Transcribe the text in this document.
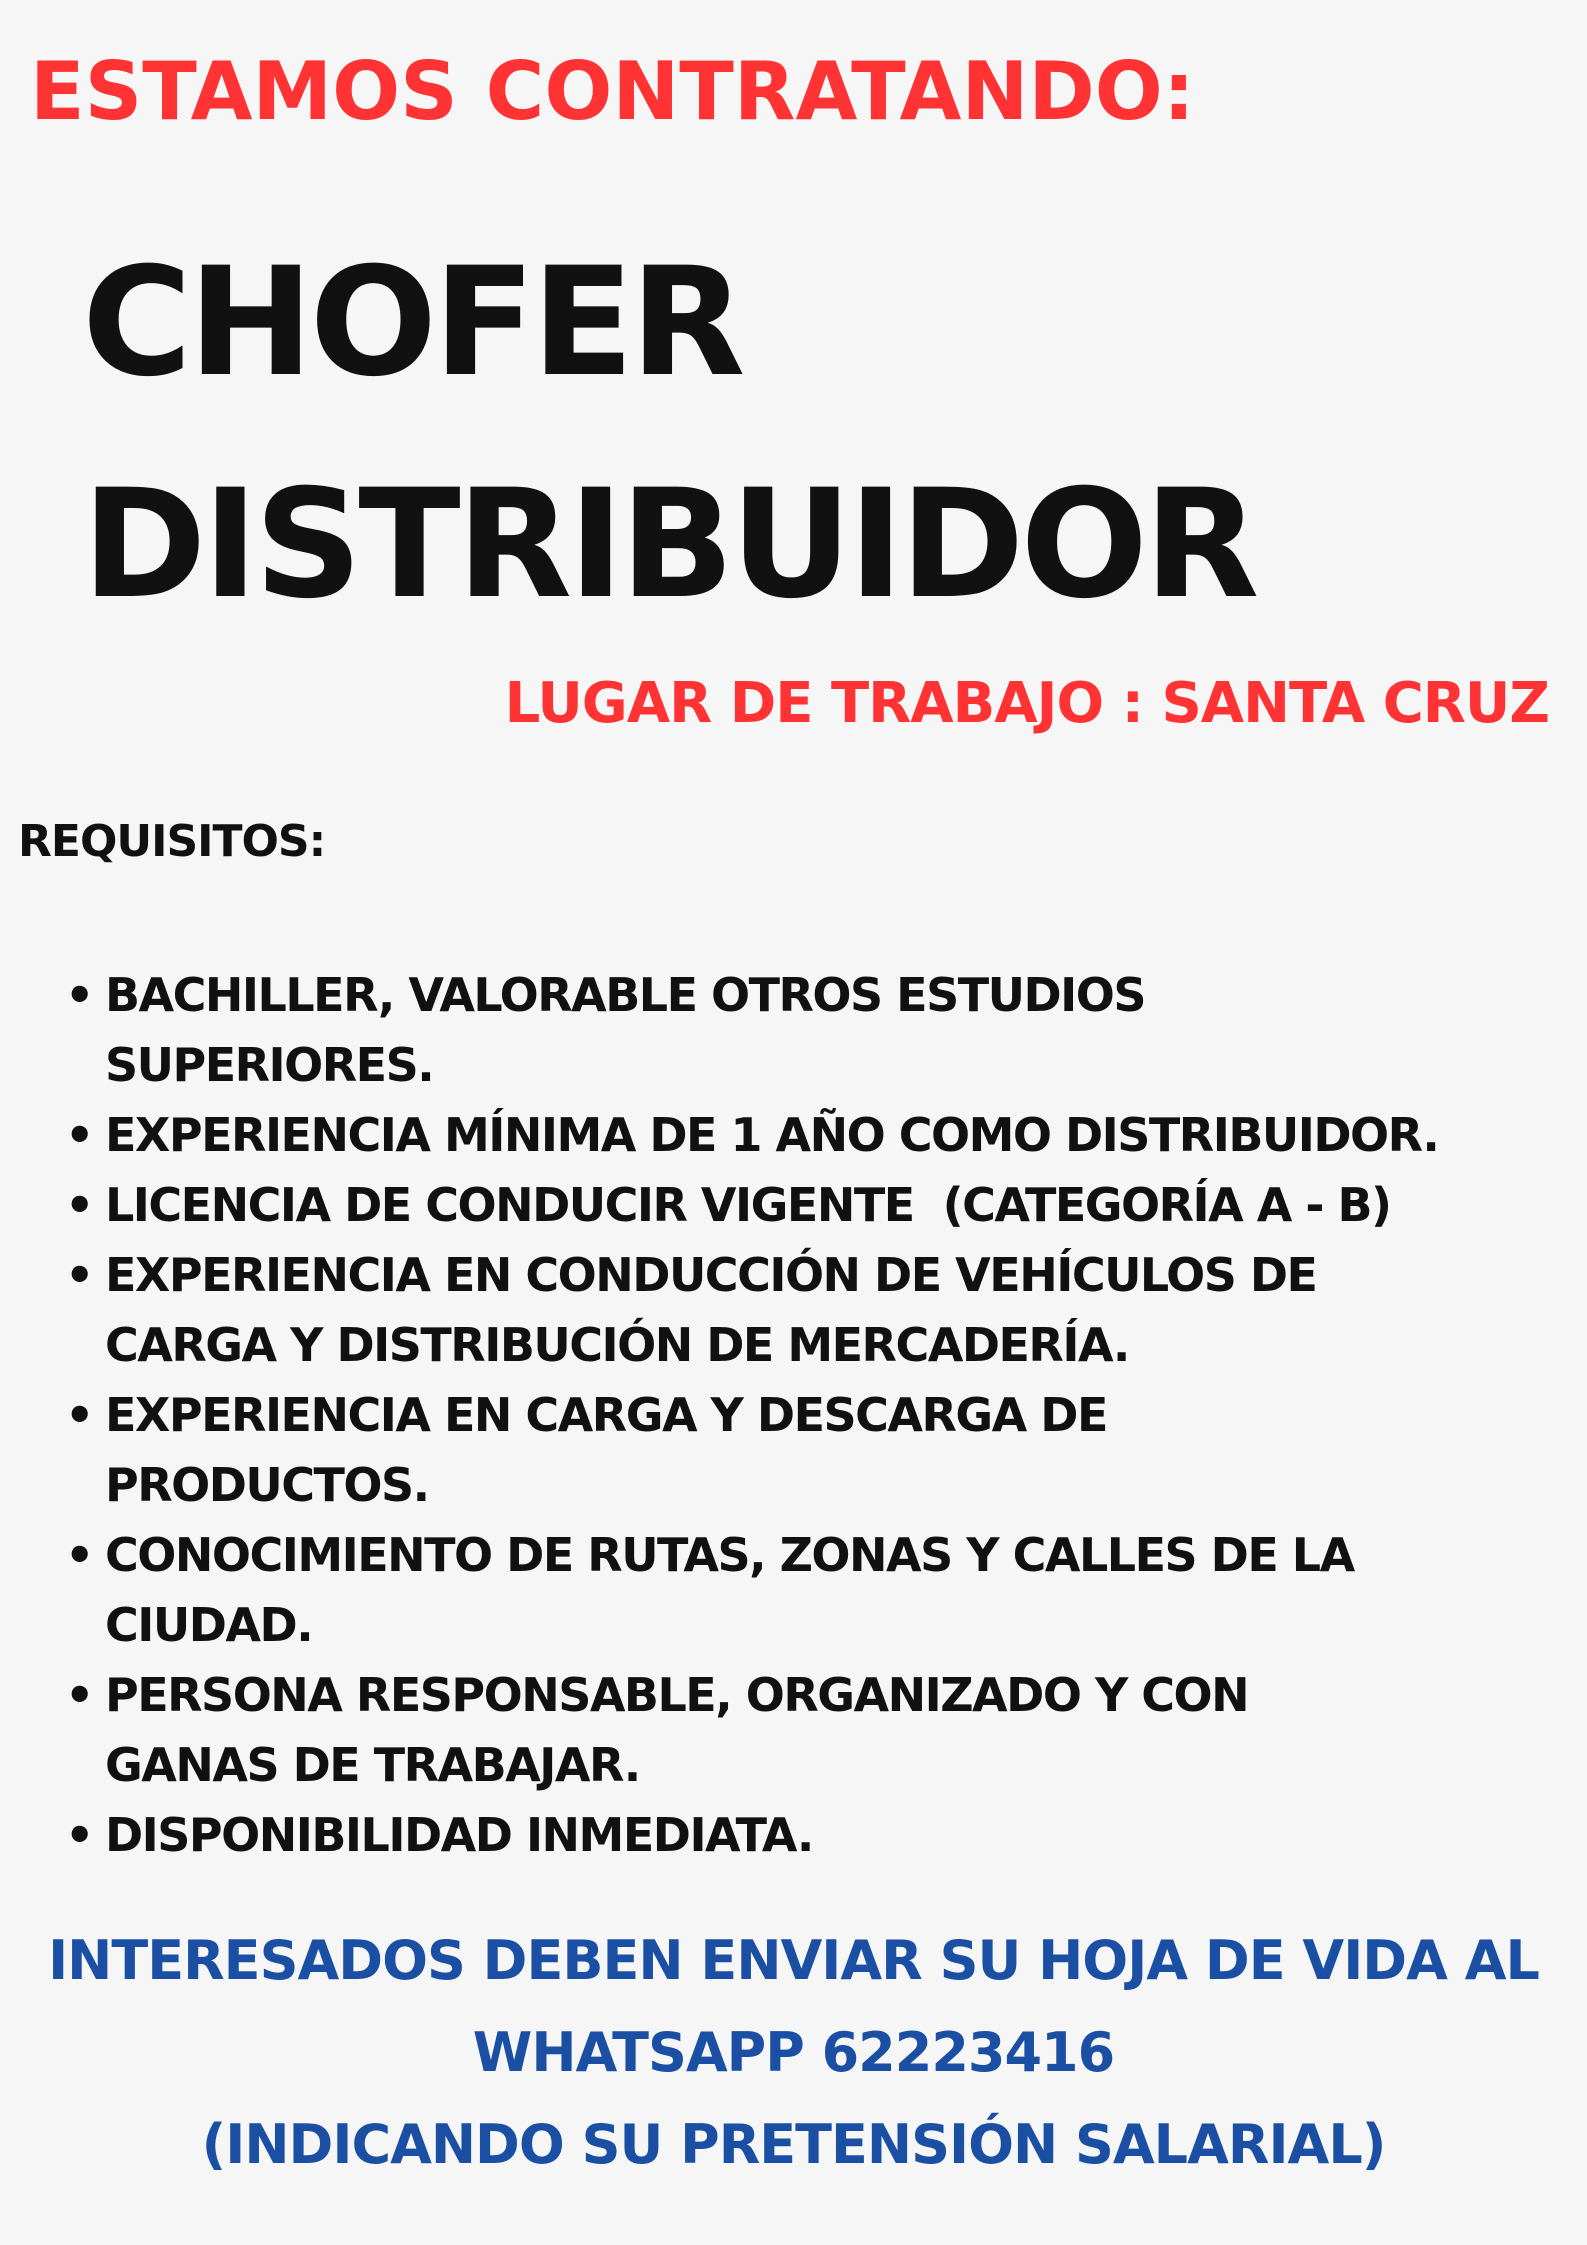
ESTAMOS CONTRATANDO:
CHOFER
DISTRIBUIDOR

LUGAR DE TRABAJO : SANTA CRUZ

REQUISITOS:
• BACHILLER, VALORABLE OTROS ESTUDIOS
SUPERIORES.
• EXPERIENCIA MÍNIMA DE 1 AÑO COMO DISTRIBUIDOR.
• LICENCIA DE CONDUCIR VIGENTE  (CATEGORÍA A - B)
• EXPERIENCIA EN CONDUCCIÓN DE VEHÍCULOS DE
CARGA Y DISTRIBUCIÓN DE MERCADERÍA.
• EXPERIENCIA EN CARGA Y DESCARGA DE
PRODUCTOS.
• CONOCIMIENTO DE RUTAS, ZONAS Y CALLES DE LA
CIUDAD.
• PERSONA RESPONSABLE, ORGANIZADO Y CON
GANAS DE TRABAJAR.
• DISPONIBILIDAD INMEDIATA.

INTERESADOS DEBEN ENVIAR SU HOJA DE VIDA AL
WHATSAPP 62223416
(INDICANDO SU PRETENSIÓN SALARIAL)
